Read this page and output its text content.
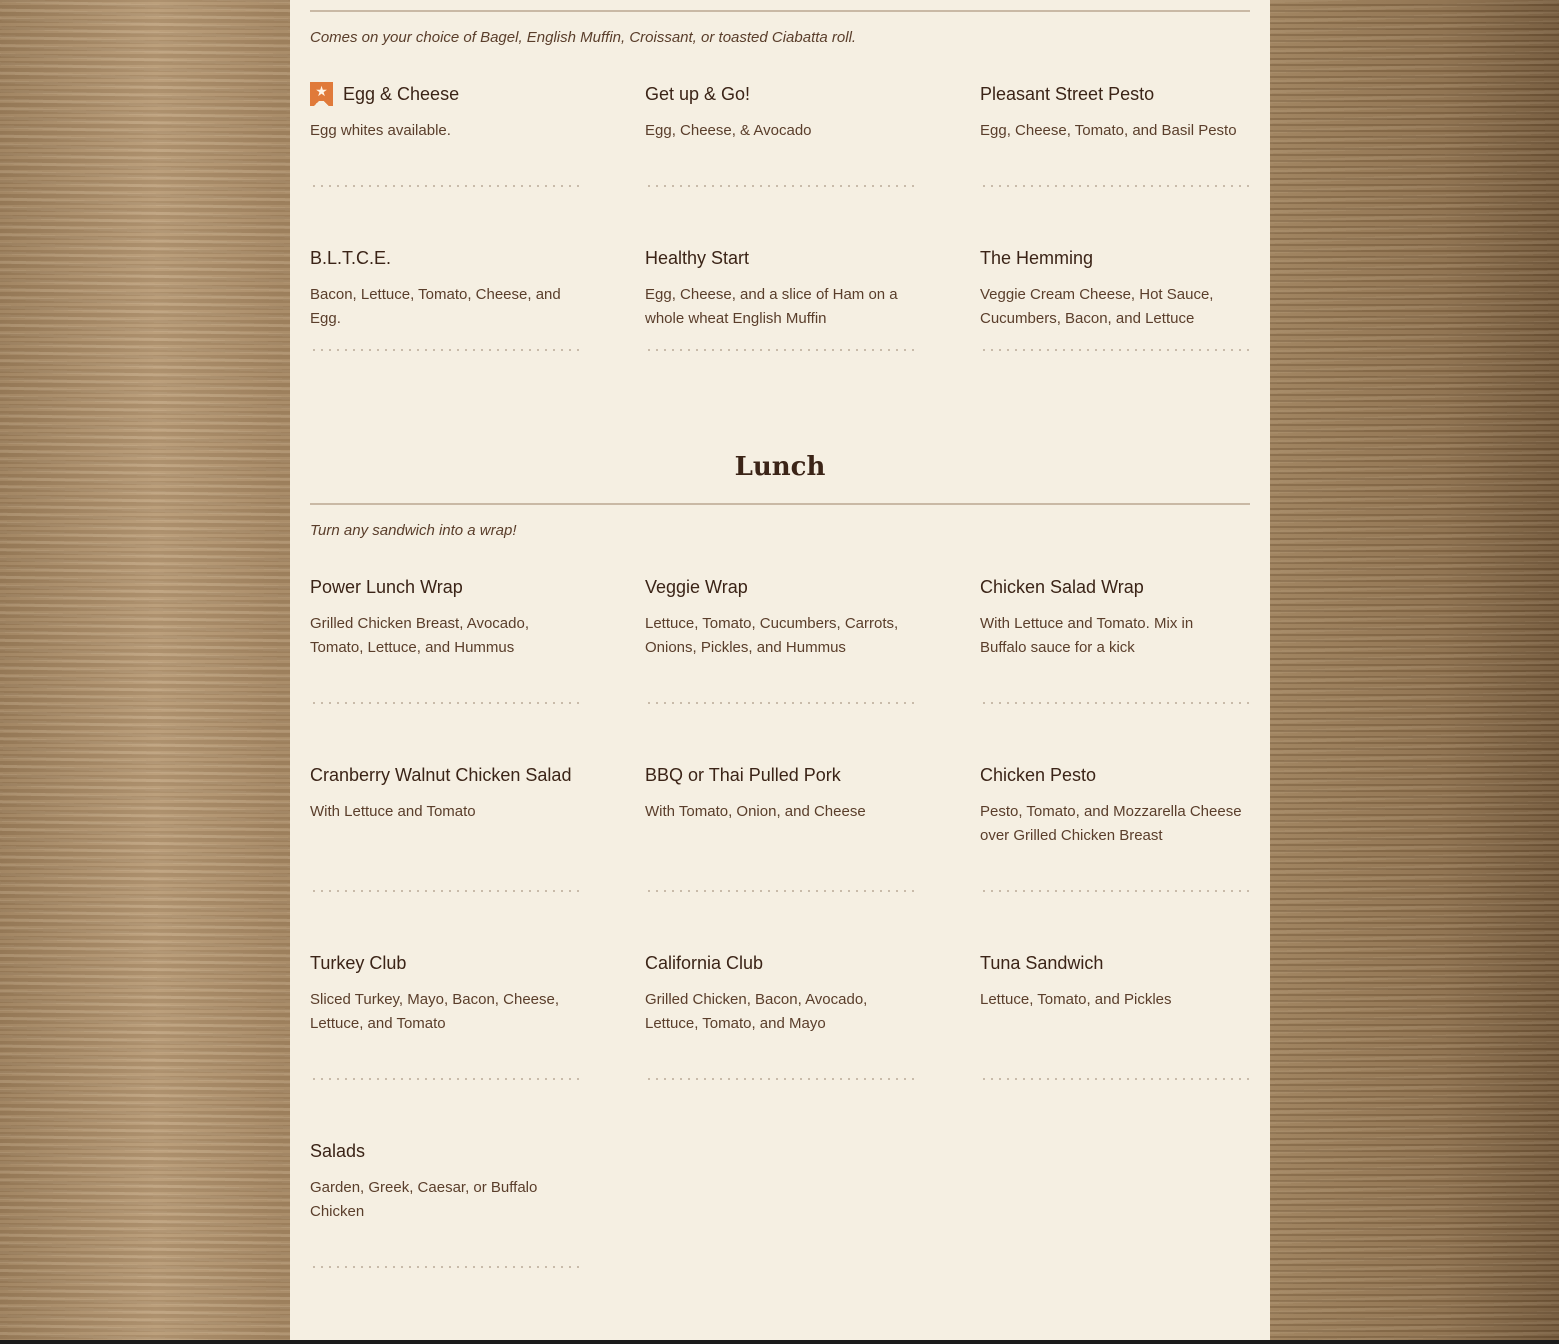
Comes on your choice of Bagel, English Muffin, Croissant, or toasted Ciabatta roll.
★ Egg & Cheese
Egg whites available.
Get up & Go!
Egg, Cheese, & Avocado
Pleasant Street Pesto
Egg, Cheese, Tomato, and Basil Pesto
B.L.T.C.E.
Bacon, Lettuce, Tomato, Cheese, and Egg.
Healthy Start
Egg, Cheese, and a slice of Ham on a whole wheat English Muffin
The Hemming
Veggie Cream Cheese, Hot Sauce, Cucumbers, Bacon, and Lettuce
Lunch
Turn any sandwich into a wrap!
Power Lunch Wrap
Grilled Chicken Breast, Avocado, Tomato, Lettuce, and Hummus
Veggie Wrap
Lettuce, Tomato, Cucumbers, Carrots, Onions, Pickles, and Hummus
Chicken Salad Wrap
With Lettuce and Tomato. Mix in Buffalo sauce for a kick
Cranberry Walnut Chicken Salad
With Lettuce and Tomato
BBQ or Thai Pulled Pork
With Tomato, Onion, and Cheese
Chicken Pesto
Pesto, Tomato, and Mozzarella Cheese over Grilled Chicken Breast
Turkey Club
Sliced Turkey, Mayo, Bacon, Cheese, Lettuce, and Tomato
California Club
Grilled Chicken, Bacon, Avocado, Lettuce, Tomato, and Mayo
Tuna Sandwich
Lettuce, Tomato, and Pickles
Salads
Garden, Greek, Caesar, or Buffalo Chicken
